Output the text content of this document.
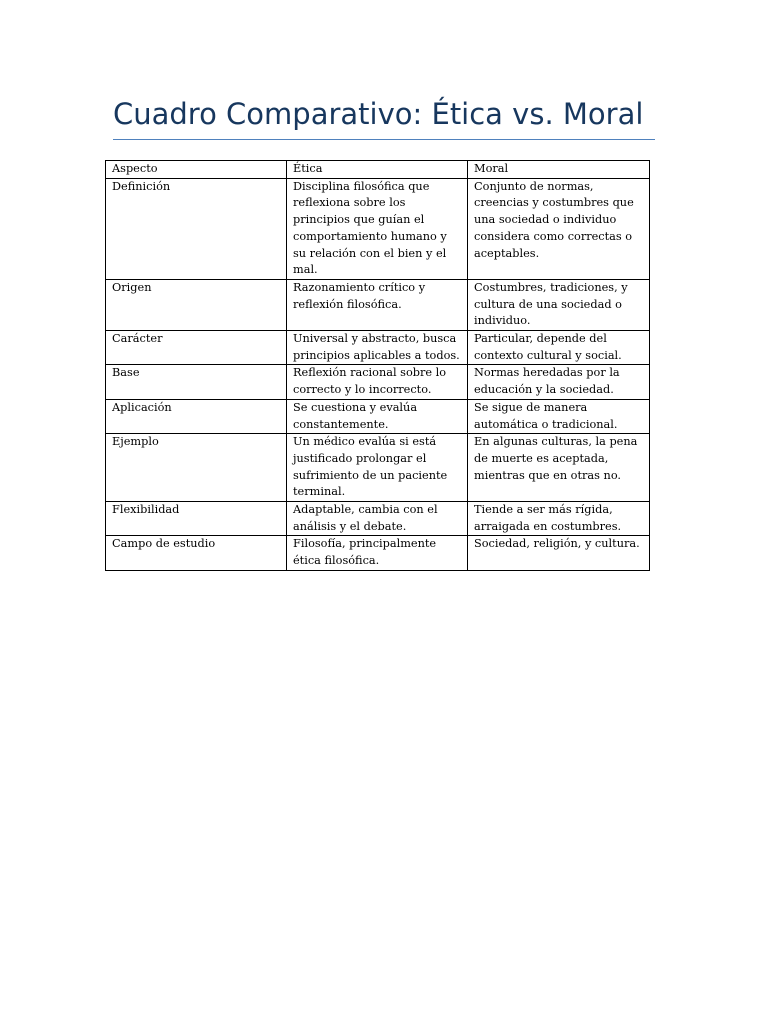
Cuadro Comparativo: Ética vs. Moral
Aspecto	Ética	Moral
Definición	Disciplina filosófica que reflexiona sobre los principios que guían el comportamiento humano y su relación con el bien y el mal.	Conjunto de normas, creencias y costumbres que una sociedad o individuo considera como correctas o aceptables.
Origen	Razonamiento crítico y reflexión filosófica.	Costumbres, tradiciones, y cultura de una sociedad o individuo.
Carácter	Universal y abstracto, busca principios aplicables a todos.	Particular, depende del contexto cultural y social.
Base	Reflexión racional sobre lo correcto y lo incorrecto.	Normas heredadas por la educación y la sociedad.
Aplicación	Se cuestiona y evalúa constantemente.	Se sigue de manera automática o tradicional.
Ejemplo	Un médico evalúa si está justificado prolongar el sufrimiento de un paciente terminal.	En algunas culturas, la pena de muerte es aceptada, mientras que en otras no.
Flexibilidad	Adaptable, cambia con el análisis y el debate.	Tiende a ser más rígida, arraigada en costumbres.
Campo de estudio	Filosofía, principalmente ética filosófica.	Sociedad, religión, y cultura.
